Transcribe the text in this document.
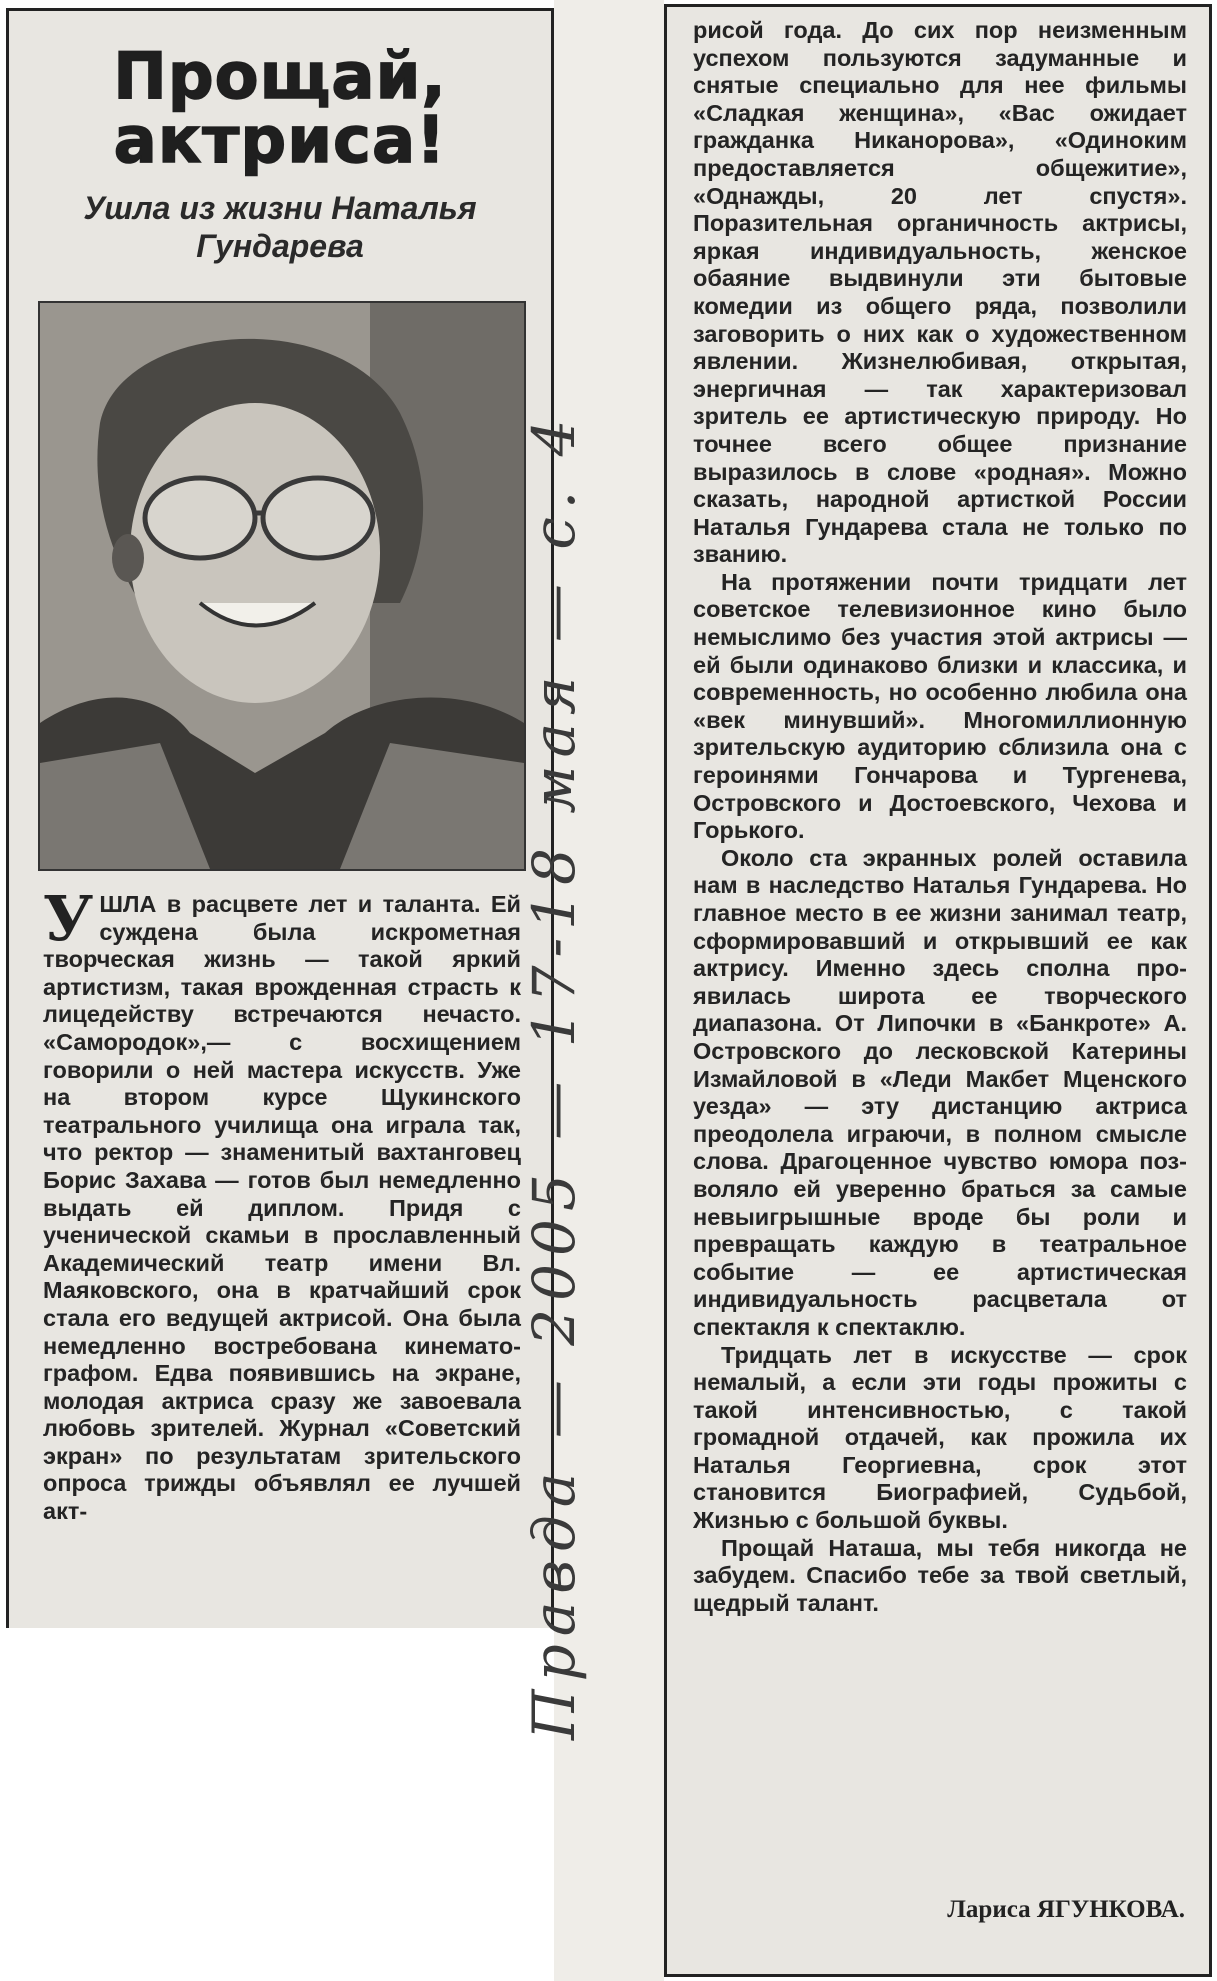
Прощай, актриса!
Ушла из жизни Наталья Гундарева
У ШЛА в расцвете лет и таланта. Ей суждена была искрометная творческая жизнь — такой яркий артистизм, такая врожденная страсть к лицедейству встречаются нечасто. «Самородок»,— с восхищением говорили о ней мастера искусств. Уже на втором курсе Щукинского театрального училища она играла так, что ректор — знаменитый вахтанговец Борис Захава — готов был немедленно выдать ей диплом. Придя с ученической скамьи в прославленный Академический театр имени Вл. Маяковского, она в кратчайший срок стала его ведущей актрисой. Она была немедленно востребована кинематографом. Едва появившись на экране, молодая актриса сразу же завоевала любовь зрителей. Журнал «Советский экран» по результатам зрительского опроса трижды объявлял ее лучшей акт-

рисой года. До сих пор неизменным успехом пользуются задуманные и снятые специально для нее фильмы «Сладкая женщина», «Вас ожидает гражданка Никанорова», «Одиноким предоставляется общежитие», «Однажды, 20 лет спустя». Поразительная органичность актрисы, яркая индивидуальность, женское обаяние выдвинули эти бытовые комедии из общего ряда, позволили заговорить о них как о художественном явлении. Жизнелюбивая, открытая, энергичная — так характеризовал зритель ее артистическую природу. Но точнее всего общее признание выразилось в слове «родная». Можно сказать, народной артисткой России Наталья Гундарева стала не только по званию.

На протяжении почти тридцати лет советское телевизионное кино было немыслимо без участия этой актрисы — ей были одинаково близки и классика, и современность, но особенно любила она «век минувший». Многомиллионную зрительскую аудиторию сблизила она с героинями Гончарова и Тургенева, Островского и Достоевского, Чехова и Горького.

Около ста экранных ролей оставила нам в наследство Наталья Гундарева. Но главное место в ее жизни занимал театр, сформировавший и открывший ее как актрису. Именно здесь сполна проявилась широта ее творческого диапазона. От Липочки в «Банкроте» А. Островского до лесковской Катерины Измайловой в «Леди Макбет Мценского уезда» — эту дистанцию актриса преодолела играючи, в полном смысле слова. Драгоценное чувство юмора позволяло ей уверенно браться за самые невыигрышные вроде бы роли и превращать каждую в театральное событие — ее артистическая индивидуальность расцветала от спектакля к спектаклю.

Тридцать лет в искусстве — срок немалый, а если эти годы прожиты с такой интенсивностью, с такой громадной отдачей, как прожила их Наталья Георгиевна, срок этот становится Биографией, Судьбой, Жизнью с большой буквы.

Прощай Наташа, мы тебя никогда не забудем. Спасибо тебе за твой светлый, щедрый талант.

Лариса ЯГУНКОВА.
Правда — 2005 — 17-18 мая — с. 4
